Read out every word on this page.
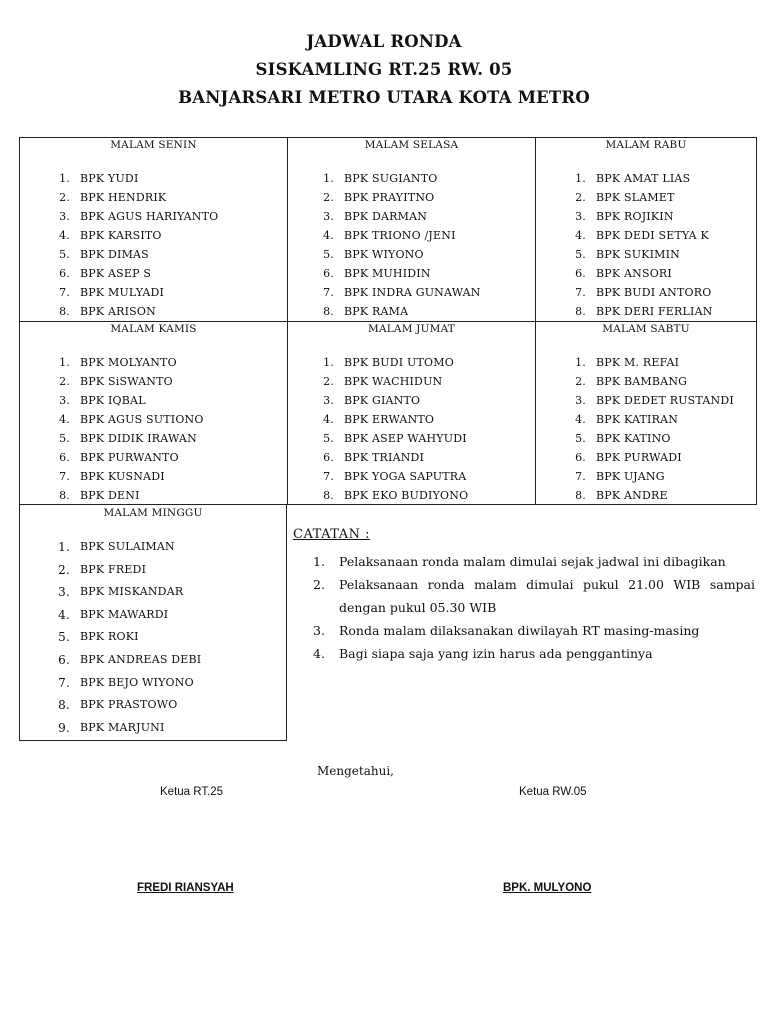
JADWAL RONDA
SISKAMLING RT.25 RW. 05
BANJARSARI METRO UTARA KOTA METRO
MALAM SENIN
1. BPK YUDI
2. BPK HENDRIK
3. BPK AGUS HARIYANTO
4. BPK KARSITO
5. BPK DIMAS
6. BPK ASEP S
7. BPK MULYADI
8. BPK ARISON
MALAM SELASA
1. BPK SUGIANTO
2. BPK PRAYITNO
3. BPK DARMAN
4. BPK TRIONO /JENI
5. BPK WIYONO
6. BPK MUHIDIN
7. BPK INDRA GUNAWAN
8. BPK RAMA
MALAM RABU
1. BPK AMAT LIAS
2. BPK SLAMET
3. BPK ROJIKIN
4. BPK DEDI SETYA K
5. BPK SUKIMIN
6. BPK ANSORI
7. BPK BUDI ANTORO
8. BPK DERI FERLIAN
MALAM KAMIS
1. BPK MOLYANTO
2. BPK SiSWANTO
3. BPK IQBAL
4. BPK AGUS SUTIONO
5. BPK DIDIK IRAWAN
6. BPK PURWANTO
7. BPK KUSNADI
8. BPK DENI
MALAM JUMAT
1. BPK BUDI UTOMO
2. BPK WACHIDUN
3. BPK GIANTO
4. BPK ERWANTO
5. BPK ASEP WAHYUDI
6. BPK TRIANDI
7. BPK YOGA SAPUTRA
8. BPK EKO BUDIYONO
MALAM SABTU
1. BPK M. REFAI
2. BPK BAMBANG
3. BPK DEDET RUSTANDI
4. BPK KATIRAN
5. BPK KATINO
6. BPK PURWADI
7. BPK UJANG
8. BPK ANDRE
MALAM MINGGU
1. BPK SULAIMAN
2. BPK FREDI
3. BPK MISKANDAR
4. BPK MAWARDI
5. BPK ROKI
6. BPK ANDREAS DEBI
7. BPK BEJO WIYONO
8. BPK PRASTOWO
9. BPK MARJUNI
CATATAN :
1. Pelaksanaan ronda malam dimulai sejak jadwal ini dibagikan
2. Pelaksanaan ronda malam dimulai pukul 21.00 WIB sampai dengan pukul 05.30 WIB
3. Ronda malam dilaksanakan diwilayah RT masing-masing
4. Bagi siapa saja yang izin harus ada penggantinya
Mengetahui,
Ketua RT.25	Ketua RW.05
FREDI RIANSYAH	BPK. MULYONO
